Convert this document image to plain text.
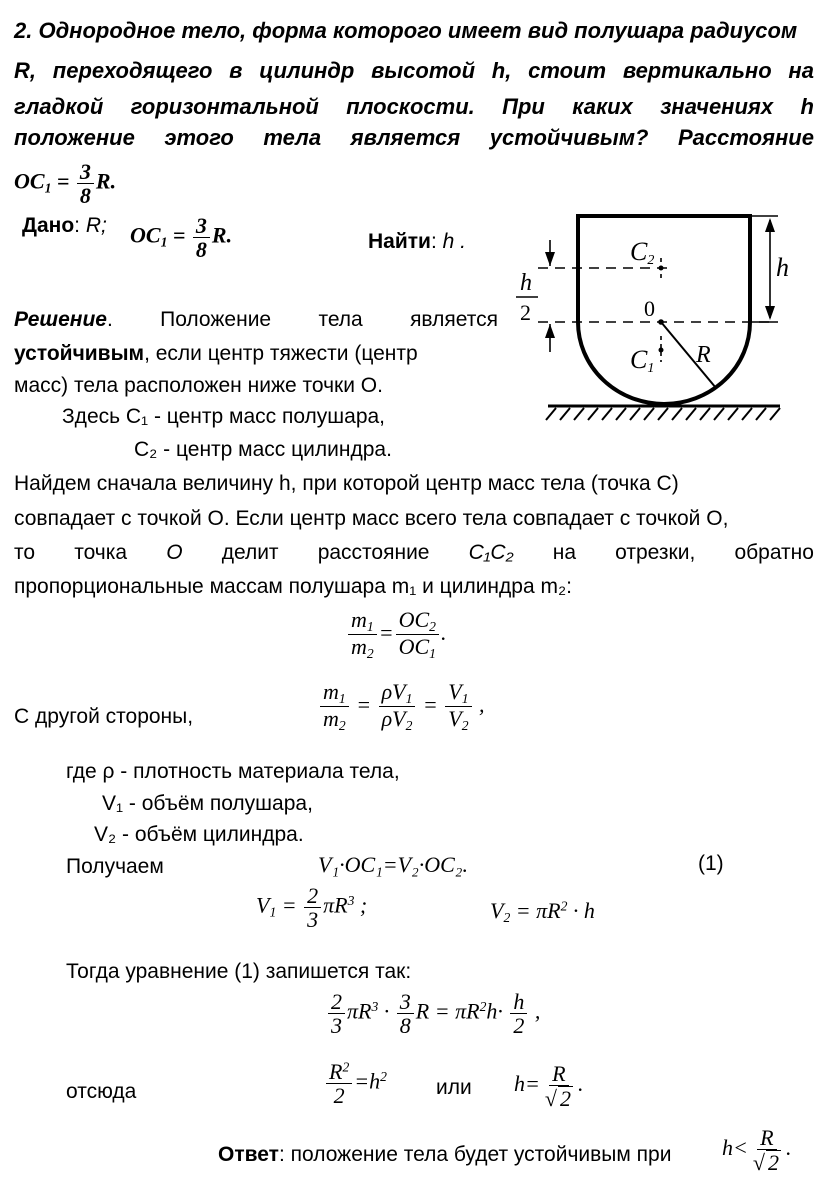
2. Однородное тело, форма которого имеет вид полушара радиусом
R, переходящего в цилиндр высотой h, стоит вертикально на
гладкой горизонтальной плоскости. При каких значениях h
положение этого тела является устойчивым? Расстояние
$OC_1 = \frac{3}{8} R$.
Дано: R; $OC_1 = \frac{3}{8} R$.	Найти: h .	C2
0
C1
R
h
h
2
Решение. Положение тела является
устойчивым, если центр тяжести (центр
масс) тела расположен ниже точки О.
Здесь C₁ - центр масс полушара,
C₂ - центр масс цилиндра.
Найдем сначала величину h, при которой центр масс тела (точка C)
совпадает с точкой O. Если центр масс всего тела совпадает с точкой O,
то точка O делит расстояние C₁C₂ на отрезки, обратно
пропорциональные массам полушара m₁ и цилиндра m₂:
$\frac{m_1}{m_2} = \frac{OC_2}{OC_1}$ .
С другой стороны,	$\frac{m_1}{m_2} = \frac{\rho V_1}{\rho V_2} = \frac{V_1}{V_2}$ ,
где ρ - плотность материала тела,
V₁ - объём полушара,
V₂ - объём цилиндра.
Получаем	V₁·OC₁=V₂·OC₂.	(1)
$V_1 = \frac{2}{3} \pi R^3$ ;	$V_2 = \pi R^2 \cdot h$
Тогда уравнение (1) запишется так:
$\frac{2}{3} \pi R^3 \cdot \frac{3}{8}$ $R = \pi R^2h\cdot \frac{h}{2}$ ,
отсюда	$\frac{R^2}{2} =h^2$ или $h= \frac{R}{√ 2}$ .
Ответ: положение тела будет устойчивым при $h< \frac{R}{√ 2}$ .
